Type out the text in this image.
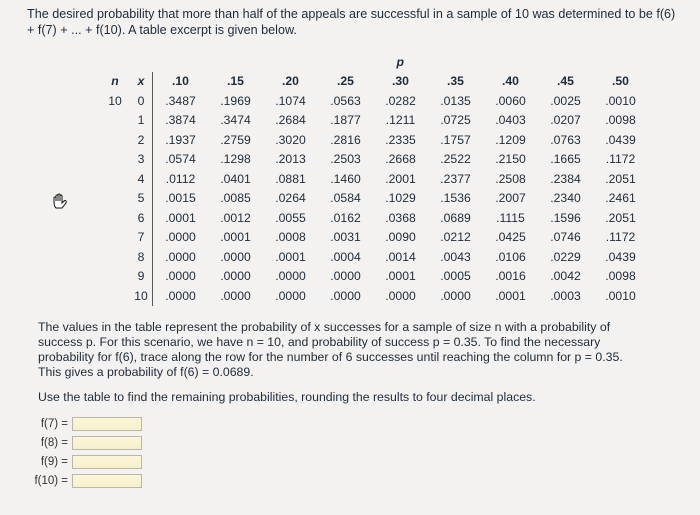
The desired probability that more than half of the appeals are successful in a sample of 10 was determined to be f(6) + f(7) + ... + f(10). A table excerpt is given below.
		p								
n	x	.10	.15	.20	.25	.30	.35	.40	.45	.50
10	0	.3487	.1969	.1074	.0563	.0282	.0135	.0060	.0025	.0010
	1	.3874	.3474	.2684	.1877	.1211	.0725	.0403	.0207	.0098
	2	.1937	.2759	.3020	.2816	.2335	.1757	.1209	.0763	.0439
	3	.0574	.1298	.2013	.2503	.2668	.2522	.2150	.1665	.1172
	4	.0112	.0401	.0881	.1460	.2001	.2377	.2508	.2384	.2051
	5	.0015	.0085	.0264	.0584	.1029	.1536	.2007	.2340	.2461
	6	.0001	.0012	.0055	.0162	.0368	.0689	.1115	.1596	.2051
	7	.0000	.0001	.0008	.0031	.0090	.0212	.0425	.0746	.1172
	8	.0000	.0000	.0001	.0004	.0014	.0043	.0106	.0229	.0439
	9	.0000	.0000	.0000	.0000	.0001	.0005	.0016	.0042	.0098
	10	.0000	.0000	.0000	.0000	.0000	.0000	.0001	.0003	.0010
The values in the table represent the probability of x successes for a sample of size n with a probability of success p. For this scenario, we have n = 10, and probability of success p = 0.35. To find the necessary probability for f(6), trace along the row for the number of 6 successes until reaching the column for p = 0.35. This gives a probability of f(6) = 0.0689.
Use the table to find the remaining probabilities, rounding the results to four decimal places.
f(7) =
f(8) =
f(9) =
f(10) =
